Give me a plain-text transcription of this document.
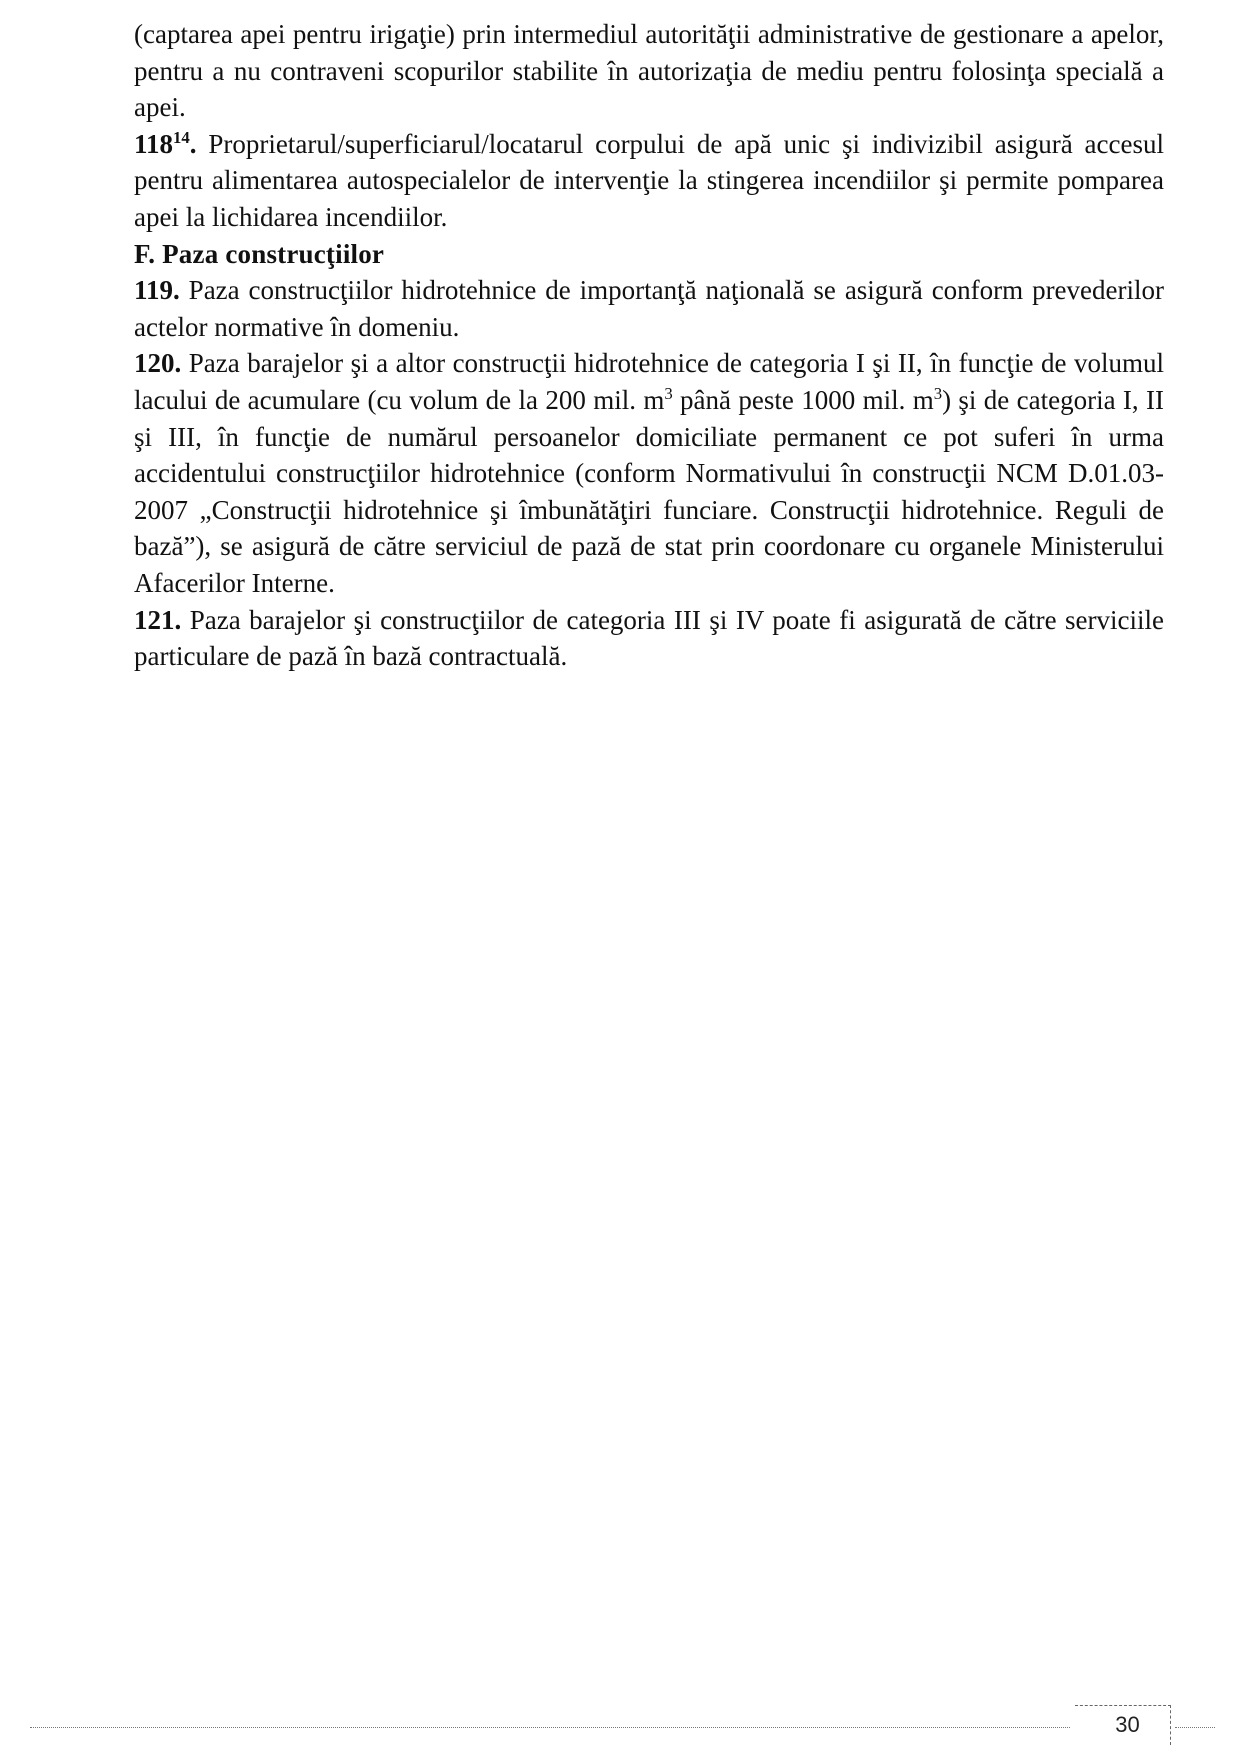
(captarea apei pentru irigaţie) prin intermediul autorităţii administrative de gestionare a apelor, pentru a nu contraveni scopurilor stabilite în autorizaţia de mediu pentru folosinţa specială a apei.

$118^{14}$. Proprietarul/superficiarul/locatarul corpului de apă unic şi indivizibil asigură accesul pentru alimentarea autospecialelor de intervenţie la stingerea incendiilor şi permite pomparea apei la lichidarea incendiilor.

F. Paza construcţiilor

119. Paza construcţiilor hidrotehnice de importanţă naţională se asigură conform prevederilor actelor normative în domeniu.

120. Paza barajelor şi a altor construcţii hidrotehnice de categoria I şi II, în funcţie de volumul lacului de acumulare (cu volum de la 200 mil. $m^3$ până peste 1000 mil. $m^3$) şi de categoria I, II şi III, în funcţie de numărul persoanelor domiciliate permanent ce pot suferi în urma accidentului construcţiilor hidrotehnice (conform Normativului în construcţii NCM D.01.03-2007 „Construcţii hidrotehnice şi îmbunătăţiri funciare. Construcţii hidrotehnice. Reguli de bază”), se asigură de către serviciul de pază de stat prin coordonare cu organele Ministerului Afacerilor Interne.

121. Paza barajelor şi construcţiilor de categoria III şi IV poate fi asigurată de către serviciile particulare de pază în bază contractuală.

30
